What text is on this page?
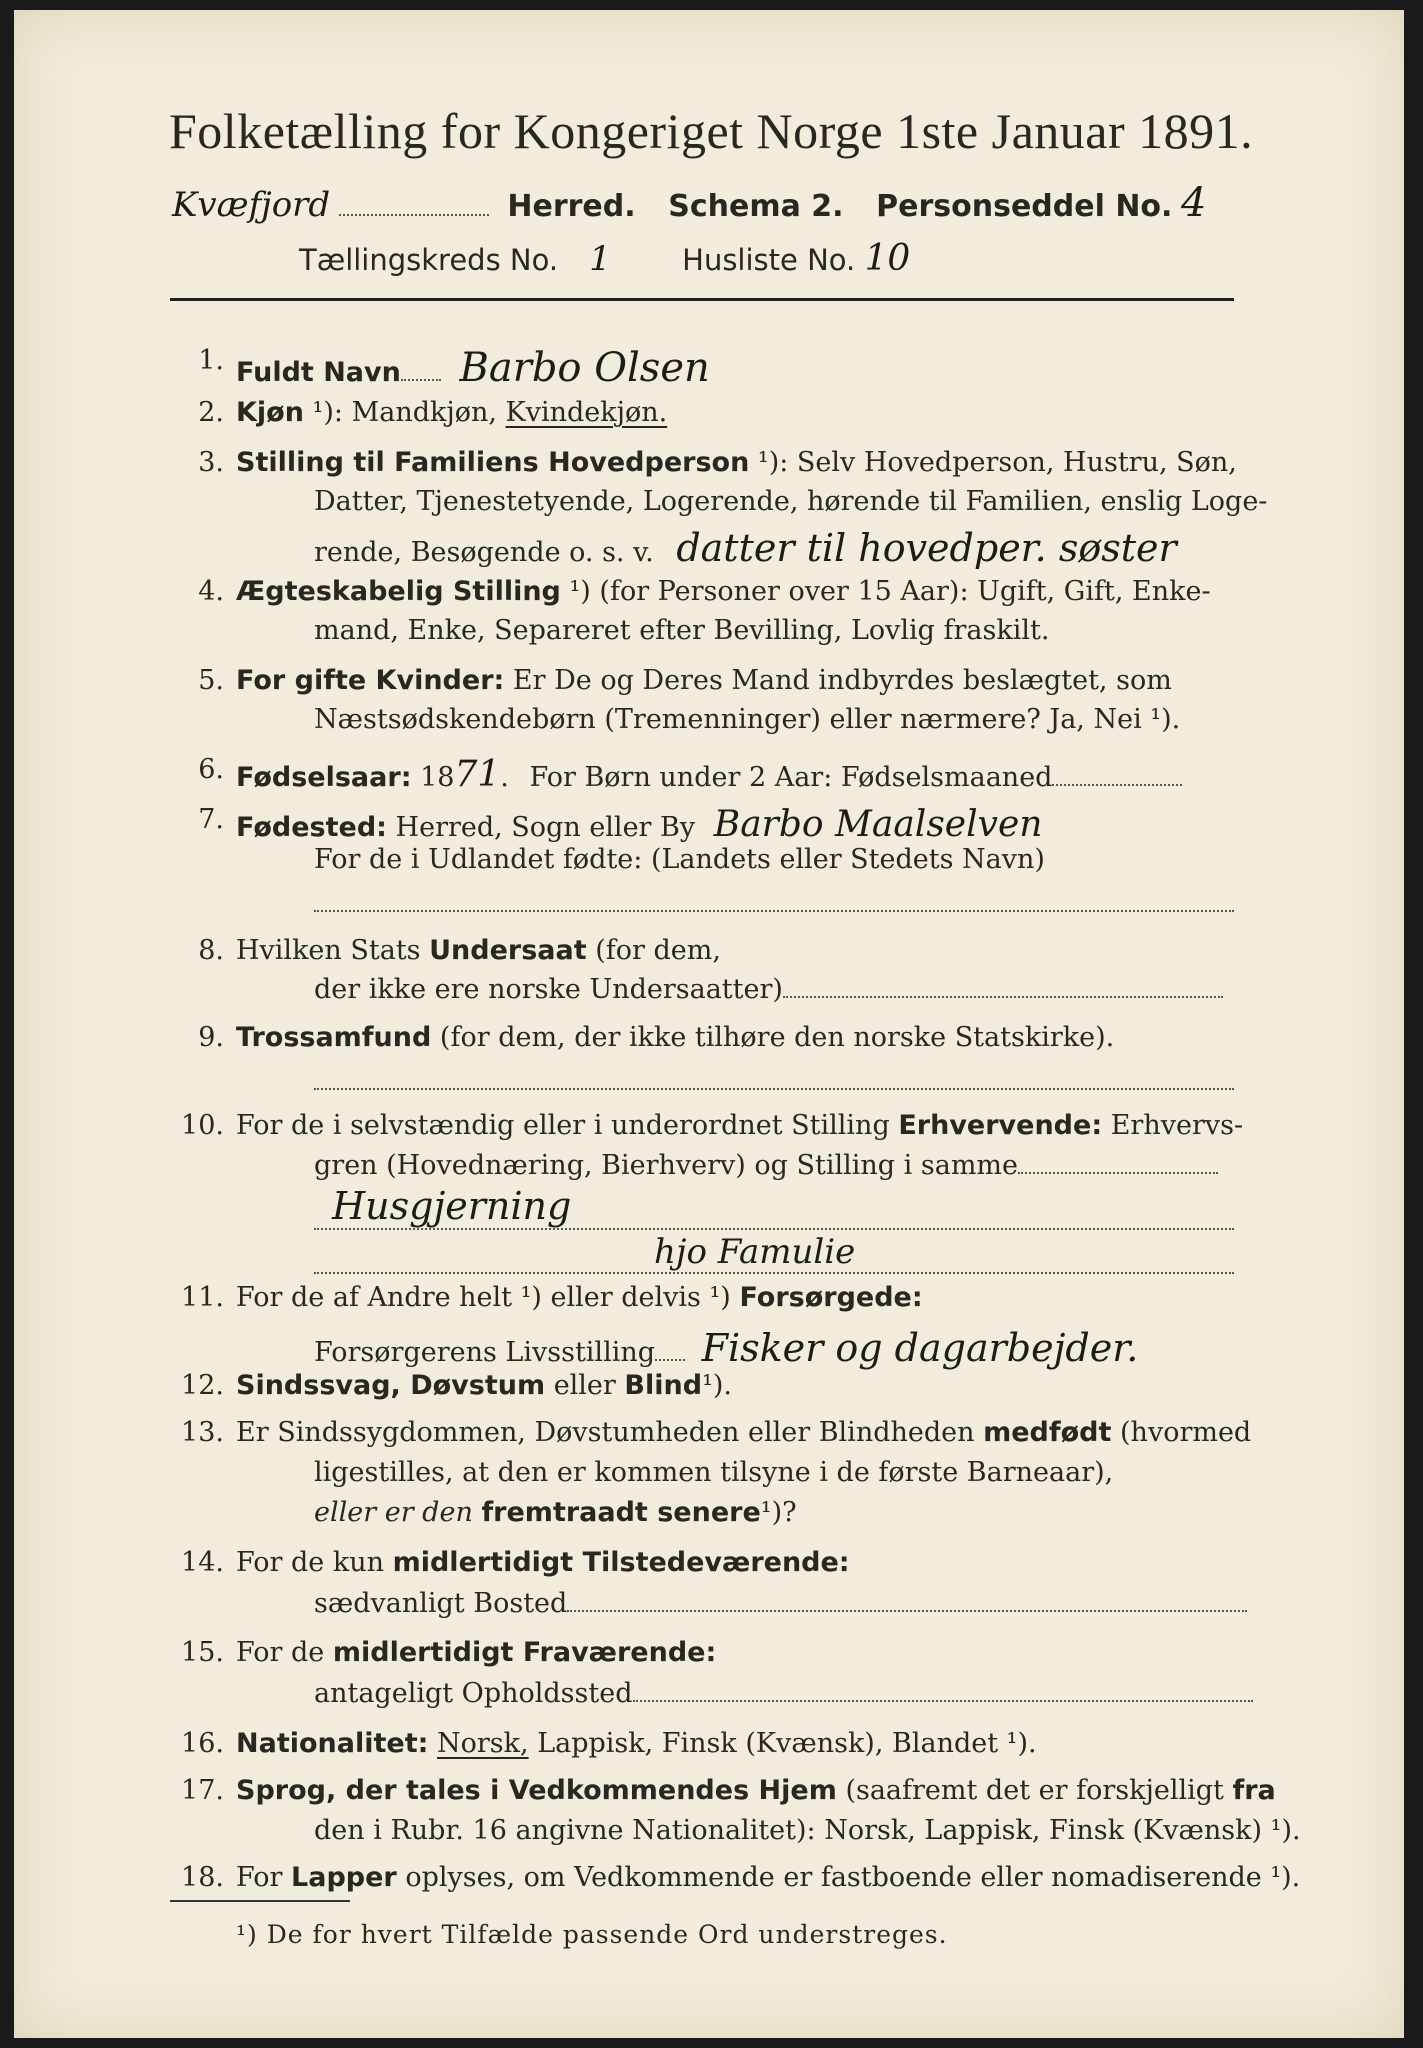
Folketælling for Kongeriget Norge 1ste Januar 1891.
Kvæfjord	Herred. Schema 2. Personseddel No. 4
Tællingskreds No. 1 Husliste No. 10
1. Fuldt Navn Barbo Olsen
2. Kjøn ¹): Mandkjøn, Kvindekjøn.
3. Stilling til Familiens Hovedperson ¹): Selv Hovedperson, Hustru, Søn,
Datter, Tjenestetyende, Logerende, hørende til Familien, enslig Loge-
rende, Besøgende o. s. v. datter til hovedper. søster
4. Ægteskabelig Stilling ¹) (for Personer over 15 Aar): Ugift, Gift, Enke-
mand, Enke, Separeret efter Bevilling, Lovlig fraskilt.
5. For gifte Kvinder: Er De og Deres Mand indbyrdes beslægtet, som
Næstsødskendebørn (Tremenninger) eller nærmere? Ja, Nei ¹).
6. Fødselsaar: 1871. For Børn under 2 Aar: Fødselsmaaned
7. Fødested: Herred, Sogn eller By Barbo Maalselven
For de i Udlandet fødte: (Landets eller Stedets Navn)
8. Hvilken Stats Undersaat (for dem,
der ikke ere norske Undersaatter)
9. Trossamfund (for dem, der ikke tilhøre den norske Statskirke).
10. For de i selvstændig eller i underordnet Stilling Erhvervende: Erhvervs-
gren (Hovednæring, Bierhverv) og Stilling i samme
Husgjerning
hjo Famulie
11. For de af Andre helt ¹) eller delvis ¹) Forsørgede:
Forsørgerens Livsstilling Fisker og dagarbejder.
12. Sindssvag, Døvstum eller Blind¹).
13. Er Sindssygdommen, Døvstumheden eller Blindheden medfødt (hvormed
ligestilles, at den er kommen tilsyne i de første Barneaar),
eller er den fremtraadt senere¹)?
14. For de kun midlertidigt Tilstedeværende:
sædvanligt Bosted
15. For de midlertidigt Fraværende:
antageligt Opholdssted
16. Nationalitet: Norsk, Lappisk, Finsk (Kvænsk), Blandet ¹).
17. Sprog, der tales i Vedkommendes Hjem (saafremt det er forskjelligt fra
den i Rubr. 16 angivne Nationalitet): Norsk, Lappisk, Finsk (Kvænsk) ¹).
18. For Lapper oplyses, om Vedkommende er fastboende eller nomadiserende ¹).
¹) De for hvert Tilfælde passende Ord understreges.
